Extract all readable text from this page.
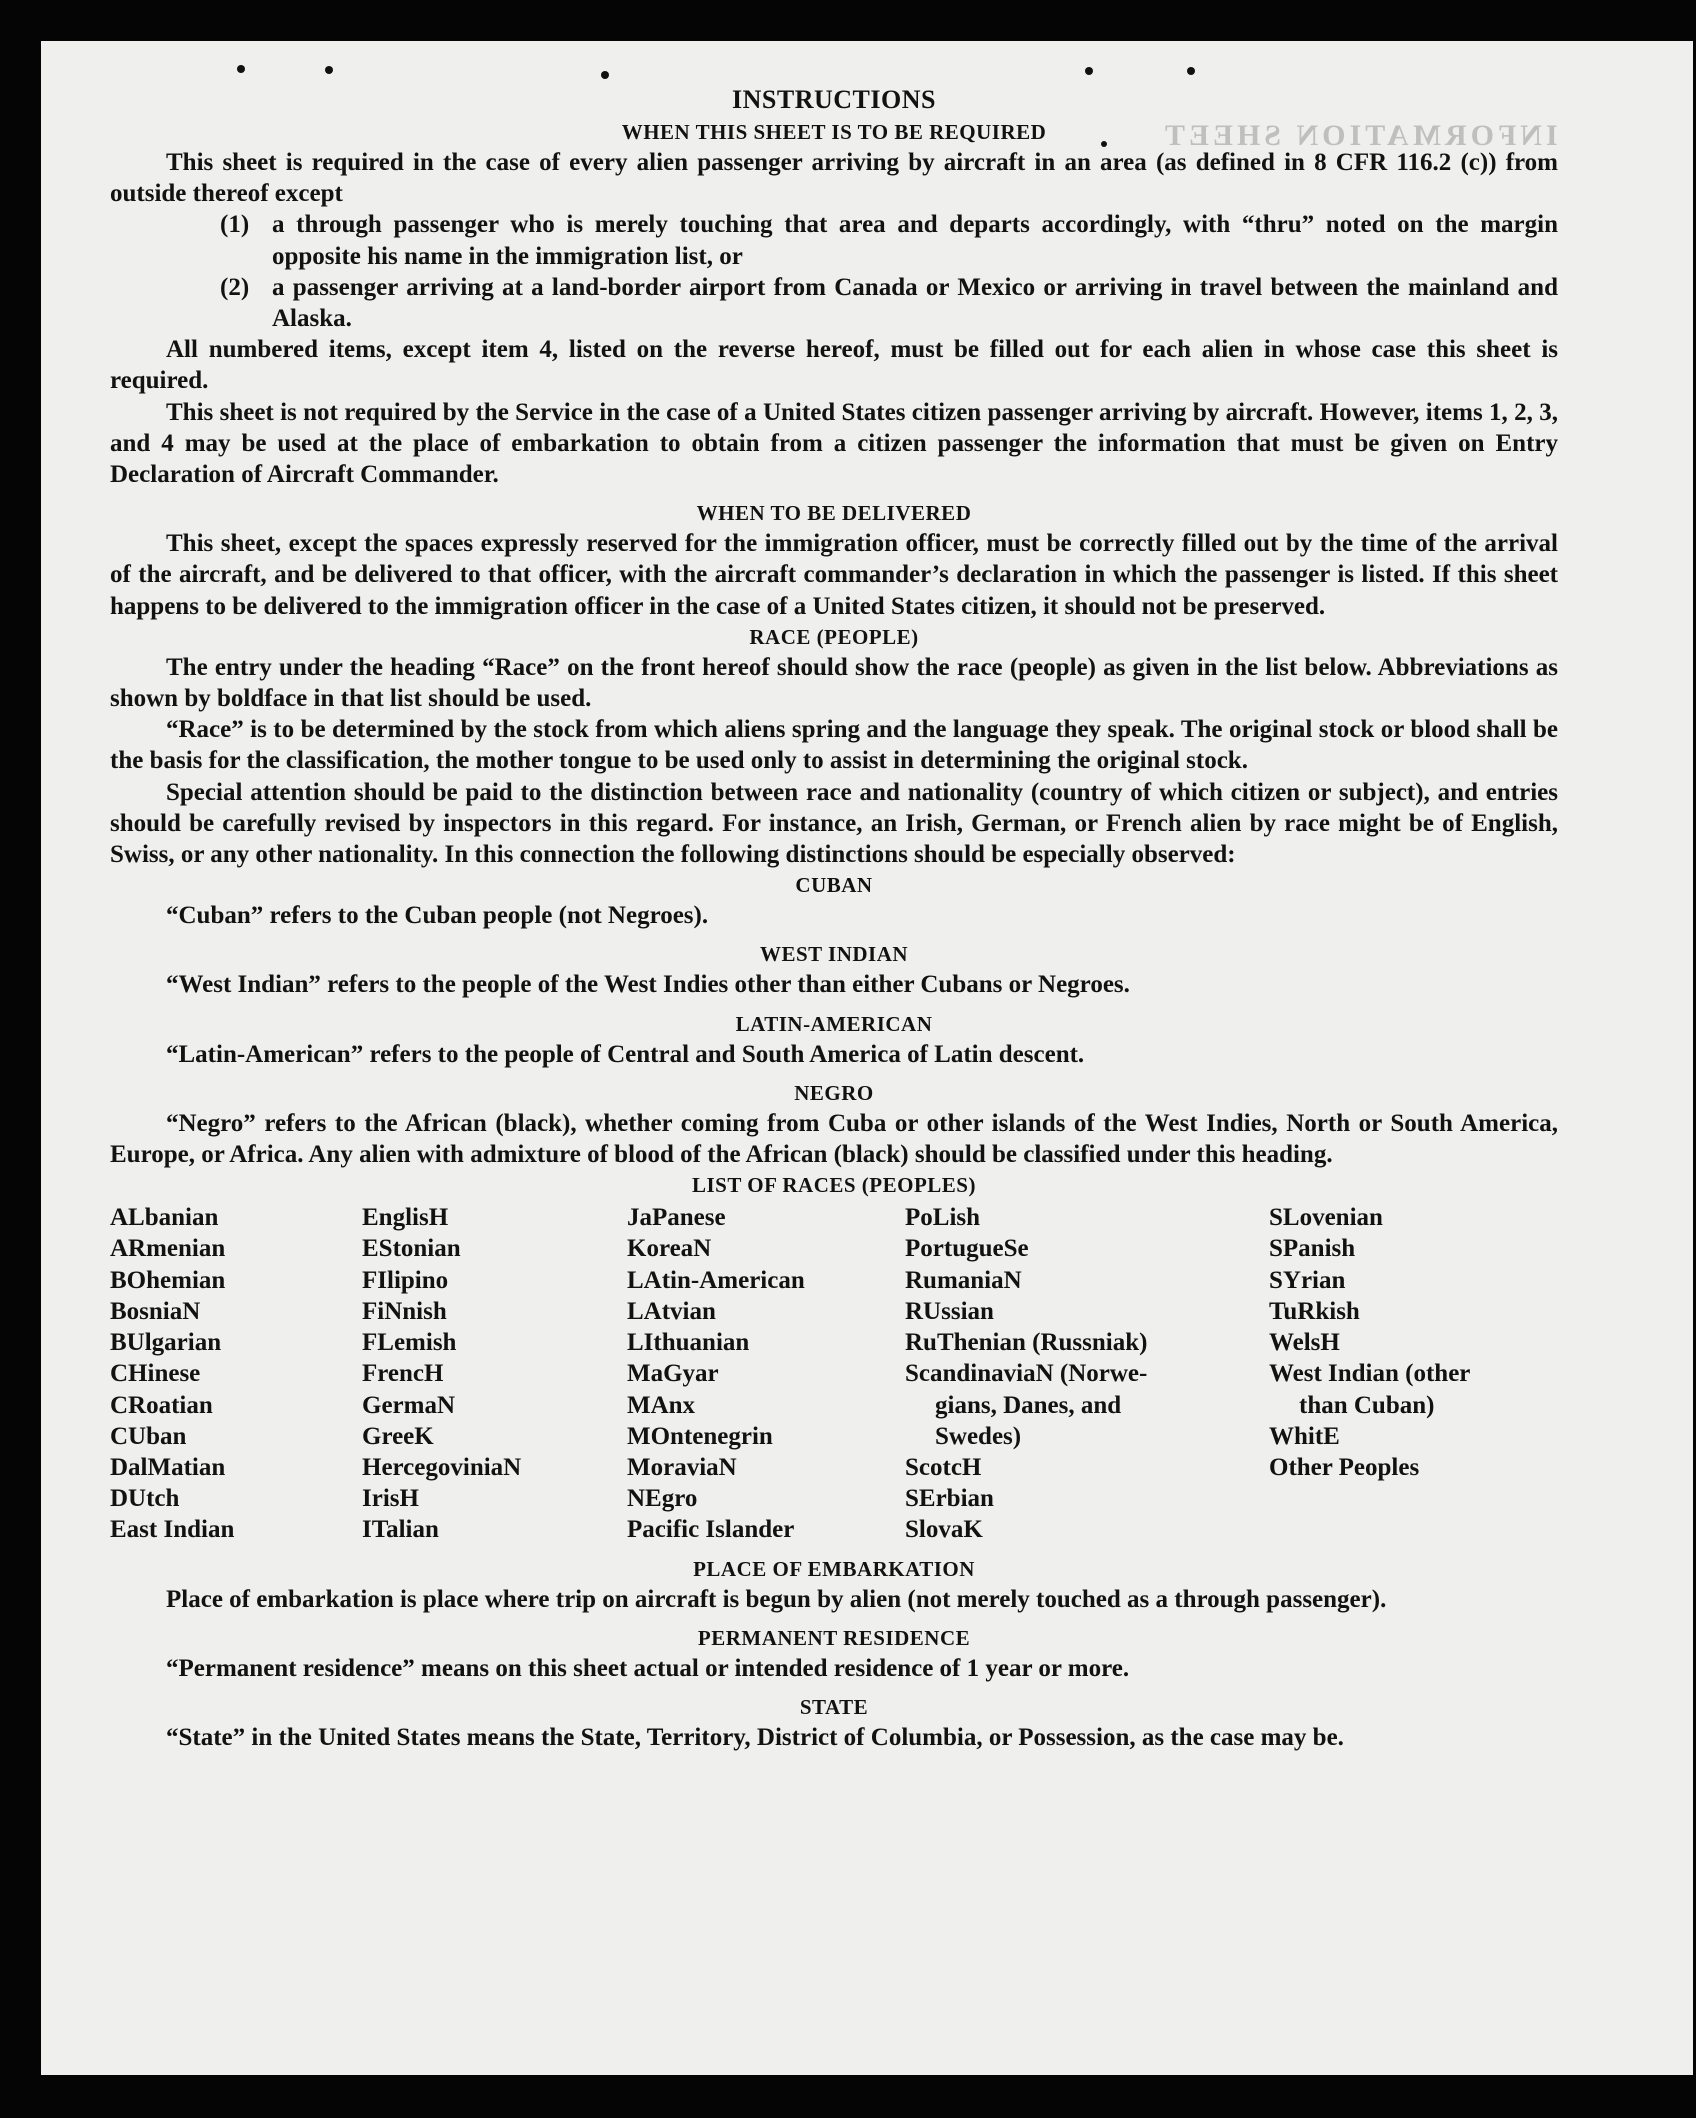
INFORMATION SHEET
INSTRUCTIONS
WHEN THIS SHEET IS TO BE REQUIRED

This sheet is required in the case of every alien passenger arriving by aircraft in an area (as defined in 8 CFR 116.2 (c)) from outside thereof except

(1) a through passenger who is merely touching that area and departs accordingly, with “thru” noted on the margin opposite his name in the immigration list, or
(2) a passenger arriving at a land-border airport from Canada or Mexico or arriving in travel between the mainland and Alaska.

All numbered items, except item 4, listed on the reverse hereof, must be filled out for each alien in whose case this sheet is required.

This sheet is not required by the Service in the case of a United States citizen passenger arriving by aircraft. However, items 1, 2, 3, and 4 may be used at the place of embarkation to obtain from a citizen passenger the information that must be given on Entry Declaration of Aircraft Commander.

WHEN TO BE DELIVERED

This sheet, except the spaces expressly reserved for the immigration officer, must be correctly filled out by the time of the arrival of the aircraft, and be delivered to that officer, with the aircraft commander’s declaration in which the passenger is listed. If this sheet happens to be delivered to the immigration officer in the case of a United States citizen, it should not be preserved.

RACE (PEOPLE)

The entry under the heading “Race” on the front hereof should show the race (people) as given in the list below. Abbreviations as shown by boldface in that list should be used.

“Race” is to be determined by the stock from which aliens spring and the language they speak. The original stock or blood shall be the basis for the classification, the mother tongue to be used only to assist in determining the original stock.

Special attention should be paid to the distinction between race and nationality (country of which citizen or subject), and entries should be carefully revised by inspectors in this regard. For instance, an Irish, German, or French alien by race might be of English, Swiss, or any other nationality. In this connection the following distinctions should be especially observed:

CUBAN

“Cuban” refers to the Cuban people (not Negroes).

WEST INDIAN

“West Indian” refers to the people of the West Indies other than either Cubans or Negroes.

LATIN-AMERICAN

“Latin-American” refers to the people of Central and South America of Latin descent.

NEGRO

“Negro” refers to the African (black), whether coming from Cuba or other islands of the West Indies, North or South America, Europe, or Africa. Any alien with admixture of blood of the African (black) should be classified under this heading.

LIST OF RACES (PEOPLES)
ALbanian
ARmenian
BOhemian
BosniaN
BUlgarian
CHinese
CRoatian
CUban
DalMatian
DUtch
East Indian
EnglisH
EStonian
FIlipino
FiNnish
FLemish
FrencH
GermaN
GreeK
HercegoviniaN
IrisH
ITalian
JaPanese
KoreaN
LAtin-American
LAtvian
LIthuanian
MaGyar
MAnx
MOntenegrin
MoraviaN
NEgro
Pacific Islander
PoLish
PortugueSe
RumaniaN
RUssian
RuThenian (Russniak)
ScandinaviaN (Norwe-
gians, Danes, and
Swedes)
ScotcH
SErbian
SlovaK
SLovenian
SPanish
SYrian
TuRkish
WelsH
West Indian (other
than Cuban)
WhitE
Other Peoples
PLACE OF EMBARKATION

Place of embarkation is place where trip on aircraft is begun by alien (not merely touched as a through passenger).

PERMANENT RESIDENCE

“Permanent residence” means on this sheet actual or intended residence of 1 year or more.

STATE

“State” in the United States means the State, Territory, District of Columbia, or Possession, as the case may be.
